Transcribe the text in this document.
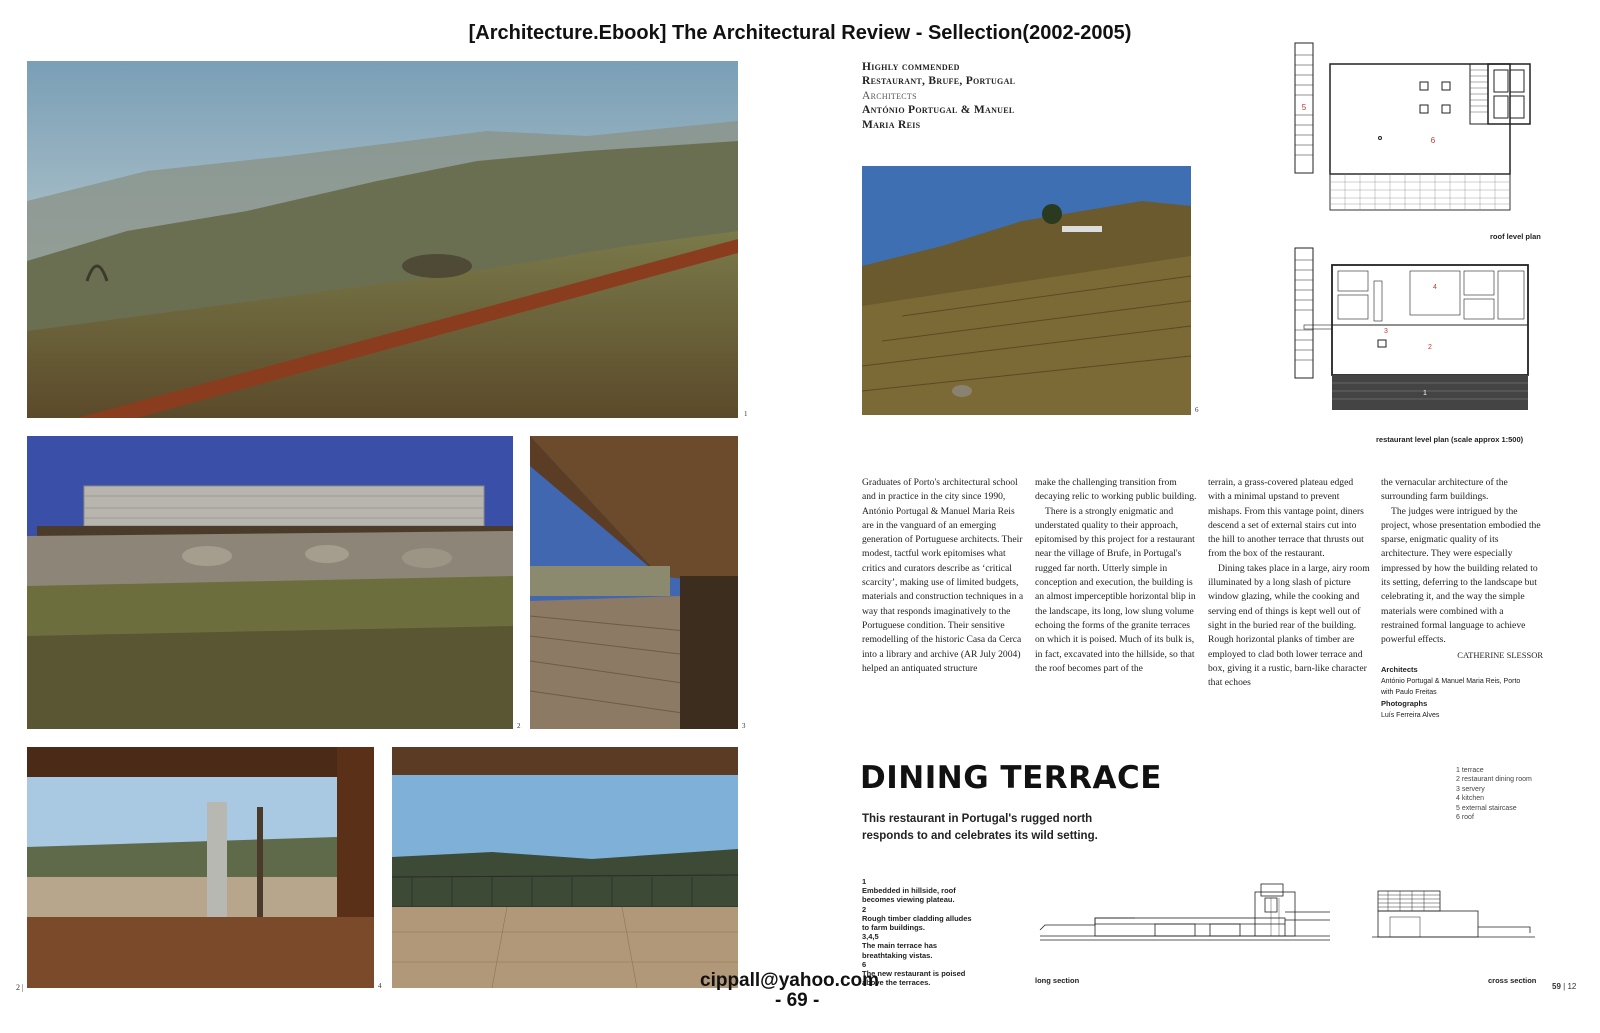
[Architecture.Ebook] The Architectural Review - Sellection(2002-2005)
1
2	3
2 |	4
Highly commended
Restaurant, Brufe, Portugal
Architects
António Portugal & Manuel
Maria Reis
6
5
6
roof level plan
4
3
2
1
restaurant level plan (scale approx 1:500)

Graduates of Porto's architectural school and in practice in the city since 1990, António Portugal & Manuel Maria Reis are in the vanguard of an emerging generation of Portuguese architects. Their modest, tactful work epitomises what critics and curators describe as ‘critical scarcity’, making use of limited budgets, materials and construction techniques in a way that responds imaginatively to the Portuguese condition. Their sensitive remodelling of the historic Casa da Cerca into a library and archive (AR July 2004) helped an antiquated structure

make the challenging transition from decaying relic to working public building.

There is a strongly enigmatic and understated quality to their approach, epitomised by this project for a restaurant near the village of Brufe, in Portugal's rugged far north. Utterly simple in conception and execution, the building is an almost imperceptible horizontal blip in the landscape, its long, low slung volume echoing the forms of the granite terraces on which it is poised. Much of its bulk is, in fact, excavated into the hillside, so that the roof becomes part of the

terrain, a grass-covered plateau edged with a minimal upstand to prevent mishaps. From this vantage point, diners descend a set of external stairs cut into the hill to another terrace that thrusts out from the box of the restaurant.

Dining takes place in a large, airy room illuminated by a long slash of picture window glazing, while the cooking and serving end of things is kept well out of sight in the buried rear of the building. Rough horizontal planks of timber are employed to clad both lower terrace and box, giving it a rustic, barn-like character that echoes

the vernacular architecture of the surrounding farm buildings.

The judges were intrigued by the project, whose presentation embodied the sparse, enigmatic quality of its architecture. They were especially impressed by how the building related to its setting, deferring to the landscape but celebrating it, and the way the simple materials were combined with a restrained formal language to achieve powerful effects.

CATHERINE SLESSOR
Architects
António Portugal & Manuel Maria Reis, Porto
with Paulo Freitas
Photographs
Luís Ferreira Alves
DINING TERRACE
This restaurant in Portugal's rugged north responds to and celebrates its wild setting.
1 terrace
2 restaurant dining room
3 servery
4 kitchen
5 external staircase
6 roof
1
Embedded in hillside, roof becomes viewing plateau.
2
Rough timber cladding alludes to farm buildings.
3,4,5
The main terrace has breathtaking vistas.
6
The new restaurant is poised above the terraces.	long section	cross section
59 | 12
cippall@yahoo.com
- 69 -
